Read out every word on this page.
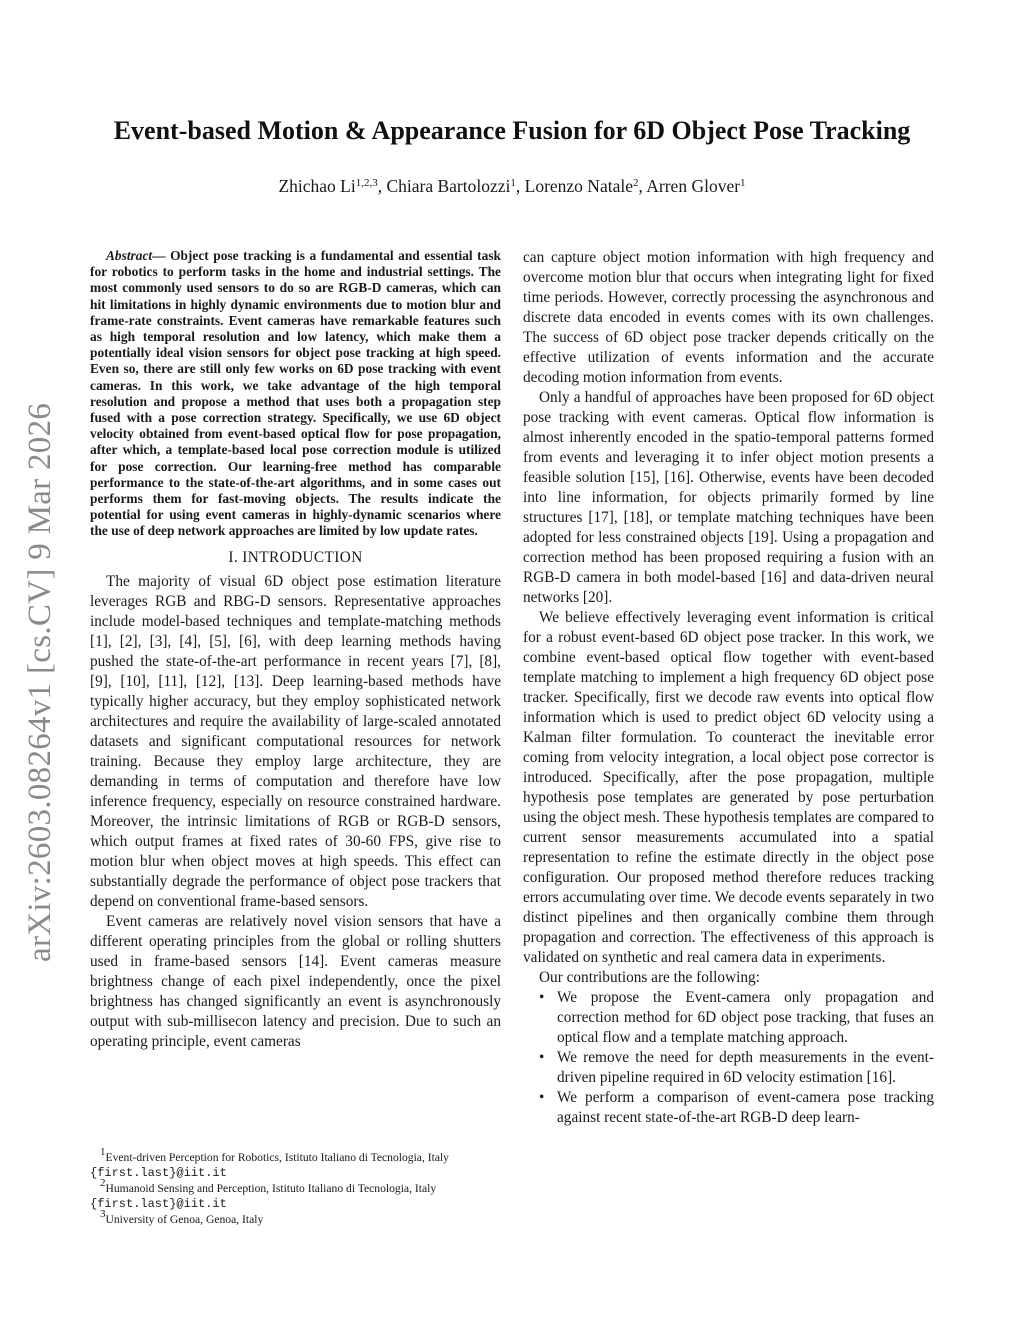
arXiv:2603.08264v1 [cs.CV] 9 Mar 2026
Event-based Motion & Appearance Fusion for 6D Object Pose Tracking
Zhichao Li$^{1,2,3}$, Chiara Bartolozzi$^1$, Lorenzo Natale$^2$, Arren Glover$^1$
Abstract— Object pose tracking is a fundamental and essential task for robotics to perform tasks in the home and industrial settings. The most commonly used sensors to do so are RGB-D cameras, which can hit limitations in highly dynamic environments due to motion blur and frame-rate constraints. Event cameras have remarkable features such as high temporal resolution and low latency, which make them a potentially ideal vision sensors for object pose tracking at high speed. Even so, there are still only few works on 6D pose tracking with event cameras. In this work, we take advantage of the high temporal resolution and propose a method that uses both a propagation step fused with a pose correction strategy. Specifically, we use 6D object velocity obtained from event-based optical flow for pose propagation, after which, a template-based local pose correction module is utilized for pose correction. Our learning-free method has comparable performance to the state-of-the-art algorithms, and in some cases out performs them for fast-moving objects. The results indicate the potential for using event cameras in highly-dynamic scenarios where the use of deep network approaches are limited by low update rates.
I. INTRODUCTION

The majority of visual 6D object pose estimation literature leverages RGB and RBG-D sensors. Representative approaches include model-based techniques and template-matching methods [1], [2], [3], [4], [5], [6], with deep learning methods having pushed the state-of-the-art performance in recent years [7], [8], [9], [10], [11], [12], [13]. Deep learning-based methods have typically higher accuracy, but they employ sophisticated network architectures and require the availability of large-scaled annotated datasets and significant computational resources for network training. Because they employ large architecture, they are demanding in terms of computation and therefore have low inference frequency, especially on resource constrained hardware. Moreover, the intrinsic limitations of RGB or RGB-D sensors, which output frames at fixed rates of 30-60 FPS, give rise to motion blur when object moves at high speeds. This effect can substantially degrade the performance of object pose trackers that depend on conventional frame-based sensors.

Event cameras are relatively novel vision sensors that have a different operating principles from the global or rolling shutters used in frame-based sensors [14]. Event cameras measure brightness change of each pixel independently, once the pixel brightness has changed significantly an event is asynchronously output with sub-millisecon latency and precision. Due to such an operating principle, event cameras

$^1$Event-driven Perception for Robotics, Istituto Italiano di Tecnologia, Italy {first.last}@iit.it
$^2$Humanoid Sensing and Perception, Istituto Italiano di Tecnologia, Italy {first.last}@iit.it
$^3$University of Genoa, Genoa, Italy

can capture object motion information with high frequency and overcome motion blur that occurs when integrating light for fixed time periods. However, correctly processing the asynchronous and discrete data encoded in events comes with its own challenges. The success of 6D object pose tracker depends critically on the effective utilization of events information and the accurate decoding motion information from events.

Only a handful of approaches have been proposed for 6D object pose tracking with event cameras. Optical flow information is almost inherently encoded in the spatio-temporal patterns formed from events and leveraging it to infer object motion presents a feasible solution [15], [16]. Otherwise, events have been decoded into line information, for objects primarily formed by line structures [17], [18], or template matching techniques have been adopted for less constrained objects [19]. Using a propagation and correction method has been proposed requiring a fusion with an RGB-D camera in both model-based [16] and data-driven neural networks [20].

We believe effectively leveraging event information is critical for a robust event-based 6D object pose tracker. In this work, we combine event-based optical flow together with event-based template matching to implement a high frequency 6D object pose tracker. Specifically, first we decode raw events into optical flow information which is used to predict object 6D velocity using a Kalman filter formulation. To counteract the inevitable error coming from velocity integration, a local object pose corrector is introduced. Specifically, after the pose propagation, multiple hypothesis pose templates are generated by pose perturbation using the object mesh. These hypothesis templates are compared to current sensor measurements accumulated into a spatial representation to refine the estimate directly in the object pose configuration. Our proposed method therefore reduces tracking errors accumulating over time. We decode events separately in two distinct pipelines and then organically combine them through propagation and correction. The effectiveness of this approach is validated on synthetic and real camera data in experiments.

Our contributions are the following:

• We propose the Event-camera only propagation and correction method for 6D object pose tracking, that fuses an optical flow and a template matching approach.
• We remove the need for depth measurements in the event-driven pipeline required in 6D velocity estimation [16].
• We perform a comparison of event-camera pose tracking against recent state-of-the-art RGB-D deep learn-
